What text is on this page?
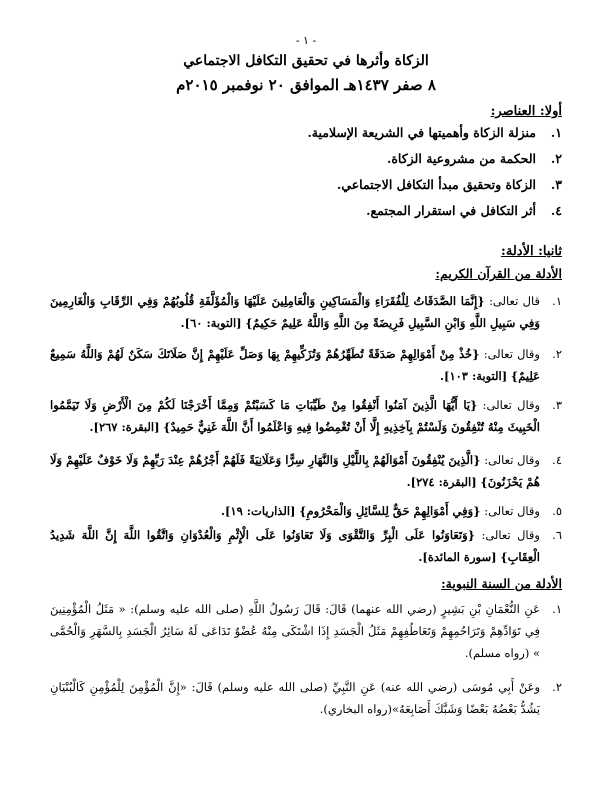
- ١ -
الزكاة وأثرها في تحقيق التكافل الاجتماعي
٨ صفر ١٤٣٧هـ الموافق ٢٠ نوفمبر ٢٠١٥م
أولا: العناصر:
١.منزلة الزكاة وأهميتها في الشريعة الإسلامية.
٢.الحكمة من مشروعية الزكاة.
٣.الزكاة وتحقيق مبدأ التكافل الاجتماعي.
٤.أثر التكافل في استقرار المجتمع.
ثانيا: الأدلة:
الأدلة من القرآن الكريم:
١.
قال تعالى: {إِنَّمَا الصَّدَقَاتُ لِلْفُقَرَاءِ وَالْمَسَاكِينِ وَالْعَامِلِينَ عَلَيْهَا وَالْمُؤَلَّفَةِ قُلُوبُهُمْ وَفِي الرِّقَابِ وَالْغَارِمِينَ وَفِي سَبِيلِ اللَّهِ وَابْنِ السَّبِيلِ فَرِيضَةً مِنَ اللَّهِ وَاللَّهُ عَلِيمٌ حَكِيمٌ} [التوبة: ٦٠].
٢.
وقال تعالى: {خُذْ مِنْ أَمْوَالِهِمْ صَدَقَةً تُطَهِّرُهُمْ وَتُزَكِّيهِمْ بِهَا وَصَلِّ عَلَيْهِمْ إِنَّ صَلَاتَكَ سَكَنٌ لَهُمْ وَاللَّهُ سَمِيعٌ عَلِيمٌ} [التوبة: ١٠٣].
٣.
وقال تعالى: {يَا أَيُّهَا الَّذِينَ آمَنُوا أَنْفِقُوا مِنْ طَيِّبَاتِ مَا كَسَبْتُمْ وَمِمَّا أَخْرَجْنَا لَكُمْ مِنَ الْأَرْضِ وَلَا تَيَمَّمُوا الْخَبِيثَ مِنْهُ تُنْفِقُونَ وَلَسْتُمْ بِآخِذِيهِ إِلَّا أَنْ تُغْمِضُوا فِيهِ وَاعْلَمُوا أَنَّ اللَّهَ غَنِيٌّ حَمِيدٌ} [البقرة: ٢٦٧].
٤.
وقال تعالى: {الَّذِينَ يُنْفِقُونَ أَمْوَالَهُمْ بِاللَّيْلِ وَالنَّهَارِ سِرًّا وَعَلَانِيَةً فَلَهُمْ أَجْرُهُمْ عِنْدَ رَبِّهِمْ وَلَا خَوْفٌ عَلَيْهِمْ وَلَا هُمْ يَحْزَنُونَ} [البقرة: ٢٧٤].
٥.
وقال تعالى: {وَفِي أَمْوَالِهِمْ حَقٌّ لِلسَّائِلِ وَالْمَحْرُومِ} [الذاريات: ١٩].
٦.
وقال تعالى: {وَتَعَاوَنُوا عَلَى الْبِرِّ وَالتَّقْوَى وَلَا تَعَاوَنُوا عَلَى الْإِثْمِ وَالْعُدْوَانِ وَاتَّقُوا اللَّهَ إِنَّ اللَّهَ شَدِيدُ الْعِقَابِ} [سورة المائدة].
الأدلة من السنة النبوية:
١.
عَنِ النُّعْمَانِ بْنِ بَشِيرٍ (رضي الله عنهما) قَالَ: قَالَ رَسُولُ اللَّهِ (صلى الله عليه وسلم): « مَثَلُ الْمُؤْمِنِينَ فِي تَوَادِّهِمْ وَتَرَاحُمِهِمْ وَتَعَاطُفِهِمْ مَثَلُ الْجَسَدِ إِذَا اشْتَكَى مِنْهُ عُضْوٌ تَدَاعَى لَهُ سَائِرُ الْجَسَدِ بِالسَّهَرِ وَالْحُمَّى » (رواه مسلم).
٢.
وعَنْ أَبِي مُوسَى (رضي الله عنه) عَنِ النَّبِيِّ (صلى الله عليه وسلم) قَالَ: «إِنَّ الْمُؤْمِنَ لِلْمُؤْمِنِ كَالْبُنْيَانِ يَشُدُّ بَعْضُهُ بَعْضًا وَشَبَّكَ أَصَابِعَهُ»(رواه البخاري).
